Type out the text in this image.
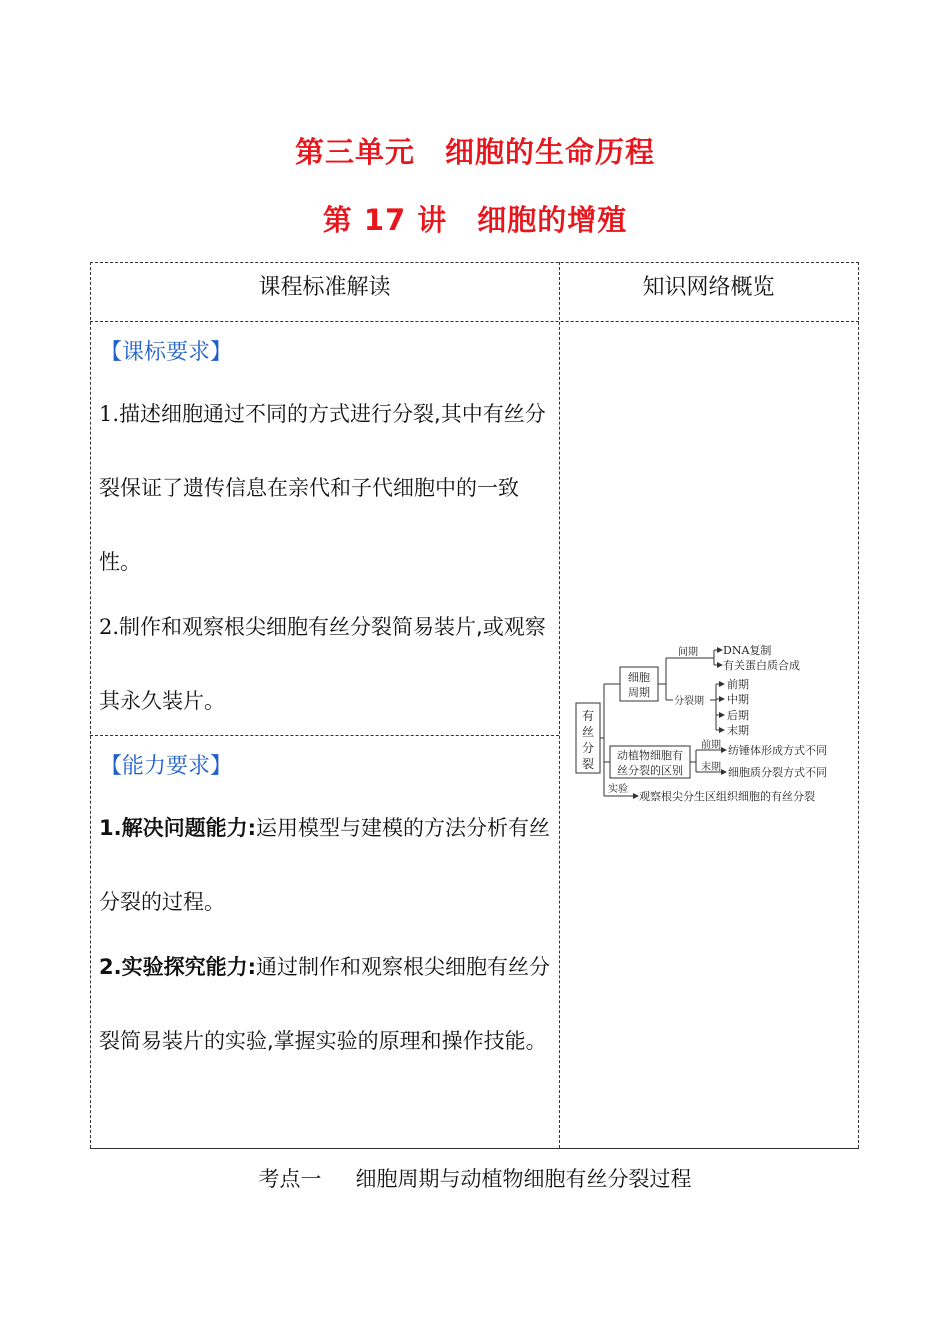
第三单元　细胞的生命历程
第 17 讲　细胞的增殖
课程标准解读	知识网络概览
【课标要求】
1.描述细胞通过不同的方式进行分裂,其中有丝分裂保证了遗传信息在亲代和子代细胞中的一致性。
2.制作和观察根尖细胞有丝分裂简易装片,或观察其永久装片。
【能力要求】
1.解决问题能力:运用模型与建模的方法分析有丝分裂的过程。
2.实验探究能力:通过制作和观察根尖细胞有丝分裂简易装片的实验,掌握实验的原理和操作技能。
有
丝
分
裂
细胞
周期
间期 DNA复制
有关蛋白质合成
分裂期
前期
中期
后期
末期
动植物细胞有
丝分裂的区别
前期 纺锤体形成方式不同
末期 细胞质分裂方式不同
实验
观察根尖分生区组织细胞的有丝分裂
考点一 细胞周期与动植物细胞有丝分裂过程
